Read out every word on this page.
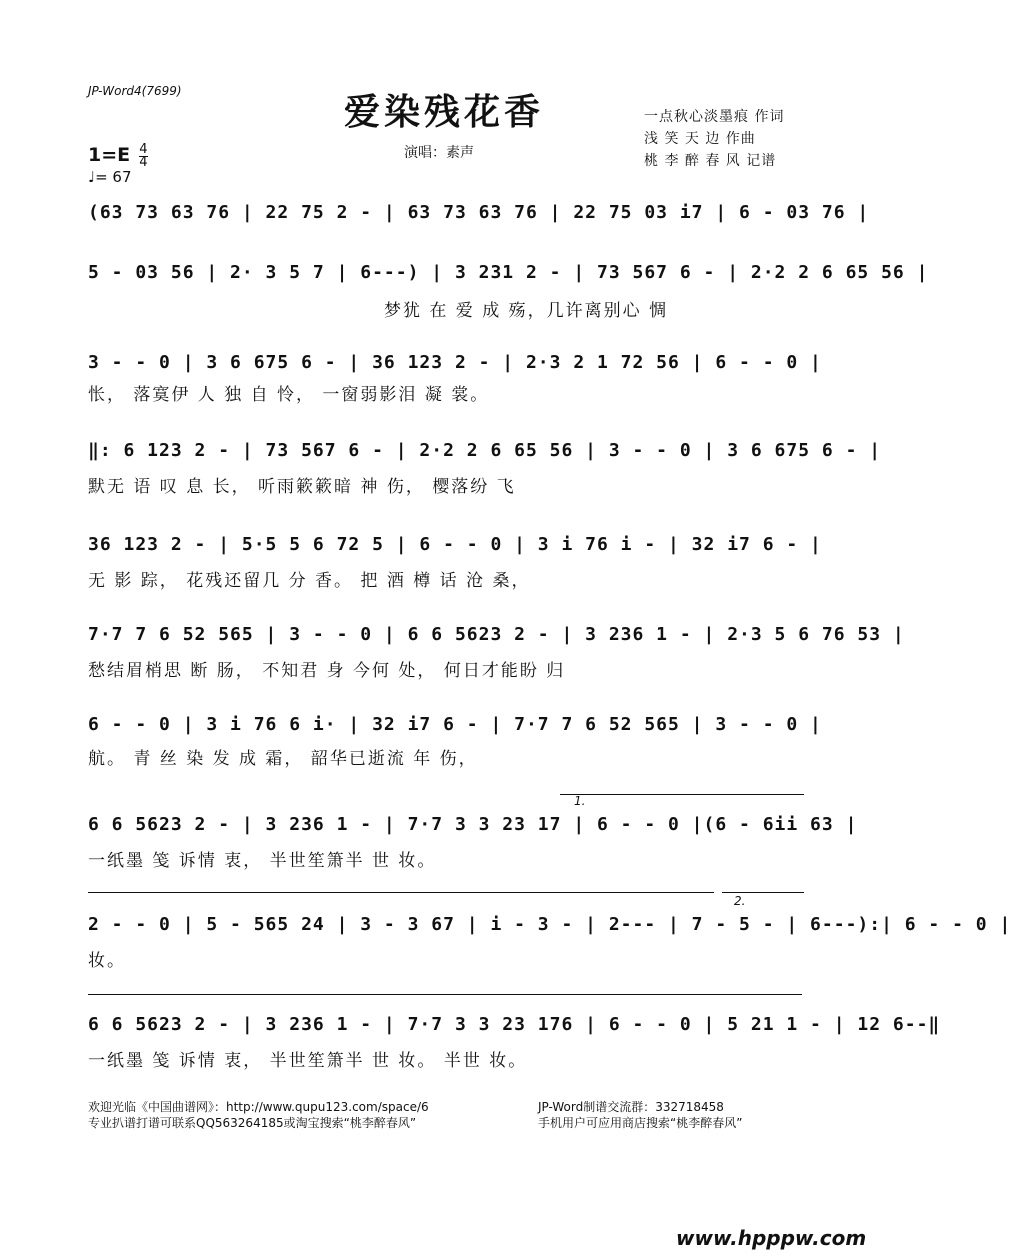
JP-Word4(7699)	爱染残花香	一点秋心淡墨痕 作词
浅 笑 天 边 作曲
桃 李 醉 春 风 记谱
$1=E \frac{4}{4}$
♩= 67
演唱：素声
(63 73 63 76 | 22 75 2 - | 63 73 63 76 | 22 75 03 i7 | 6 - 03 76 |
5 - 03 56 | 2· 3 5 7 | 6---) | 3 231 2 - | 73 567 6 - | 2·2 2 6 65 56 |
梦犹 在 爱 成 殇，几许离别心 惆
3 - - 0 | 3 6 675 6 - | 36 123 2 - | 2·3 2 1 72 56 | 6 - - 0 |
怅， 落寞伊 人 独 自 怜， 一窗弱影泪 凝 裳。
‖: 6 123 2 - | 73 567 6 - | 2·2 2 6 65 56 | 3 - - 0 | 3 6 675 6 - |
默无 语 叹 息 长， 听雨簌簌暗 神 伤， 樱落纷 飞
36 123 2 - | 5·5 5 6 72 5 | 6 - - 0 | 3 i 76 i - | 32 i7 6 - |
无 影 踪， 花残还留几 分 香。 把 酒 樽 话 沧 桑，
7·7 7 6 52 565 | 3 - - 0 | 6 6 5623 2 - | 3 236 1 - | 2·3 5 6 76 53 |
愁结眉梢思 断 肠， 不知君 身 今何 处， 何日才能盼 归
6 - - 0 | 3 i 76 6 i· | 32 i7 6 - | 7·7 7 6 52 565 | 3 - - 0 |
航。 青 丝 染 发 成 霜， 韶华已逝流 年 伤，
1.
6 6 5623 2 - | 3 236 1 - | 7·7 3 3 23 17 | 6 - - 0 |(6 - 6ii 63 |
一纸墨 笺 诉情 衷， 半世笙箫半 世 妆。
2.
2 - - 0 | 5 - 565 24 | 3 - 3 67 | i - 3 - | 2--- | 7 - 5 - | 6---):| 6 - - 0 |
妆。
6 6 5623 2 - | 3 236 1 - | 7·7 3 3 23 176 | 6 - - 0 | 5 21 1 - | 12 6--‖
一纸墨 笺 诉情 衷， 半世笙箫半 世 妆。 半世 妆。
欢迎光临《中国曲谱网》：http://www.qupu123.com/space/6
专业扒谱打谱可联系QQ563264185或淘宝搜索“桃李醉春风”
JP-Word制谱交流群：332718458
手机用户可应用商店搜索“桃李醉春风”
www.hpppw.com
